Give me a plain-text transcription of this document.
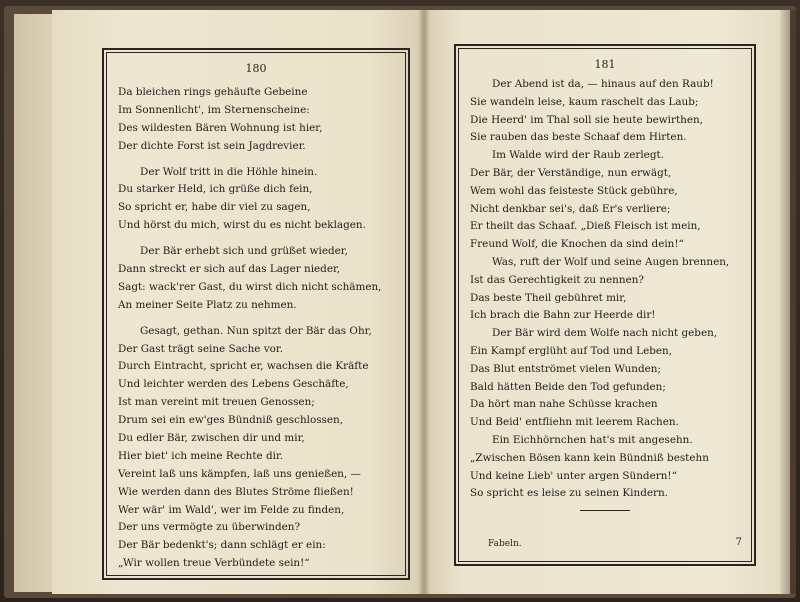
180
Da bleichen rings gehäufte Gebeine
Im Sonnenlicht', im Sternenscheine:
Des wildesten Bären Wohnung ist hier,
Der dichte Forst ist sein Jagdrevier.
Der Wolf tritt in die Höhle hinein.
Du starker Held, ich grüße dich fein,
So spricht er, habe dir viel zu sagen,
Und hörst du mich, wirst du es nicht beklagen.
Der Bär erhebt sich und grüßet wieder,
Dann streckt er sich auf das Lager nieder,
Sagt: wack'rer Gast, du wirst dich nicht schämen,
An meiner Seite Platz zu nehmen.
Gesagt, gethan. Nun spitzt der Bär das Ohr,
Der Gast trägt seine Sache vor.
Durch Eintracht, spricht er, wachsen die Kräfte
Und leichter werden des Lebens Geschäfte,
Ist man vereint mit treuen Genossen;
Drum sei ein ew'ges Bündniß geschlossen,
Du edler Bär, zwischen dir und mir,
Hier biet' ich meine Rechte dir.
Vereint laß uns kämpfen, laß uns genießen, —
Wie werden dann des Blutes Ströme fließen!
Wer wär' im Wald', wer im Felde zu finden,
Der uns vermögte zu überwinden?
Der Bär bedenkt's; dann schlägt er ein:
„Wir wollen treue Verbündete sein!“
181
Der Abend ist da, — hinaus auf den Raub!
Sie wandeln leise, kaum raschelt das Laub;
Die Heerd' im Thal soll sie heute bewirthen,
Sie rauben das beste Schaaf dem Hirten.
Im Walde wird der Raub zerlegt.
Der Bär, der Verständige, nun erwägt,
Wem wohl das feisteste Stück gebühre,
Nicht denkbar sei's, daß Er's verliere;
Er theilt das Schaaf. „Dieß Fleisch ist mein,
Freund Wolf, die Knochen da sind dein!“
Was, ruft der Wolf und seine Augen brennen,
Ist das Gerechtigkeit zu nennen?
Das beste Theil gebühret mir,
Ich brach die Bahn zur Heerde dir!
Der Bär wird dem Wolfe nach nicht geben,
Ein Kampf erglüht auf Tod und Leben,
Das Blut entströmet vielen Wunden;
Bald hätten Beide den Tod gefunden;
Da hört man nahe Schüsse krachen
Und Beid' entfliehn mit leerem Rachen.
Ein Eichhörnchen hat's mit angesehn.
„Zwischen Bösen kann kein Bündniß bestehn
Und keine Lieb' unter argen Sündern!“
So spricht es leise zu seinen Kindern.
Fabeln.	7
